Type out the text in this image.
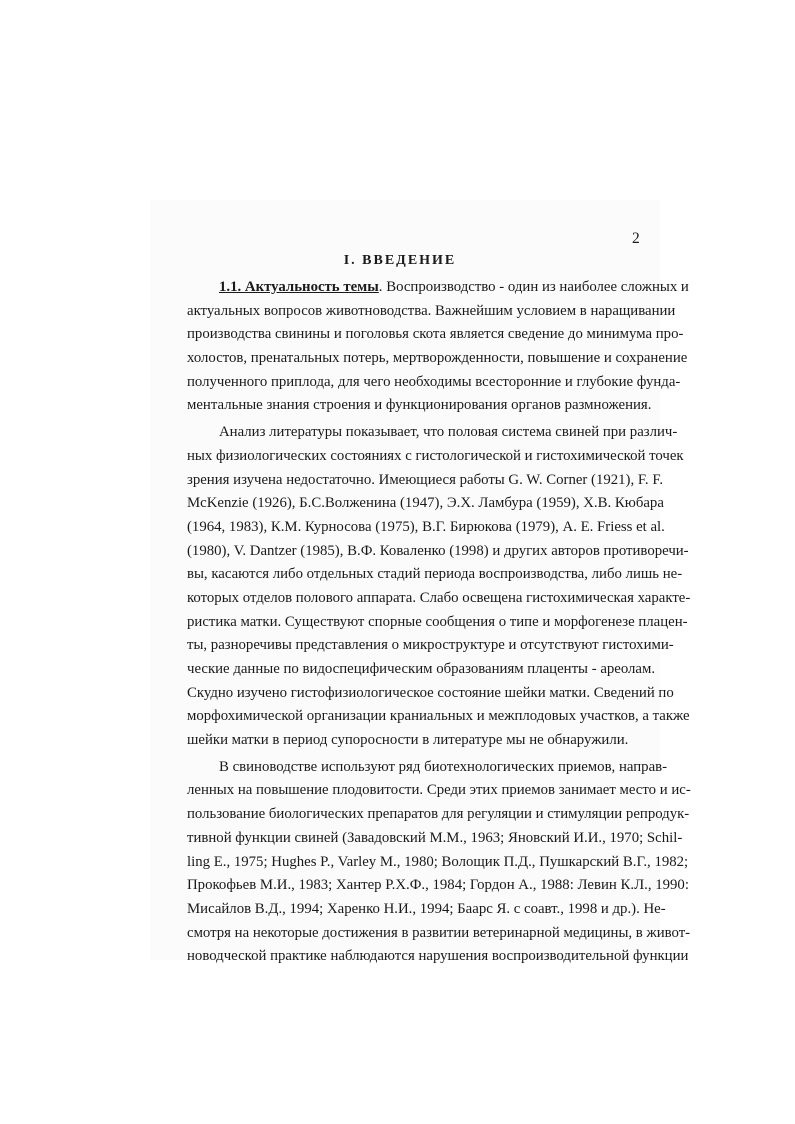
2
I. ВВЕДЕНИЕ
1.1. Актуальность темы. Воспроизводство - один из наиболее сложных и
актуальных вопросов животноводства. Важнейшим условием в наращивании
производства свинины и поголовья скота является сведение до минимума про-
холостов, пренатальных потерь, мертворожденности, повышение и сохранение
полученного приплода, для чего необходимы всесторонние и глубокие фунда-
ментальные знания строения и функционирования органов размножения.
Анализ литературы показывает, что половая система свиней при различ-
ных физиологических состояниях с гистологической и гистохимической точек
зрения изучена недостаточно. Имеющиеся работы G. W. Corner (1921), F. F.
McKenzie (1926), Б.С.Волженина (1947), Э.Х. Ламбура (1959), Х.В. Кюбара
(1964, 1983), К.М. Курносова (1975), В.Г. Бирюкова (1979), A. E. Friess et al.
(1980), V. Dantzer (1985), В.Ф. Коваленко (1998) и других авторов противоречи-
вы, касаются либо отдельных стадий периода воспроизводства, либо лишь не-
которых отделов полового аппарата. Слабо освещена гистохимическая характе-
ристика матки. Существуют спорные сообщения о типе и морфогенезе плацен-
ты, разноречивы представления о микроструктуре и отсутствуют гистохими-
ческие данные по видоспецифическим образованиям плаценты - ареолам.
Скудно изучено гистофизиологическое состояние шейки матки. Сведений по
морфохимической организации краниальных и межплодовых участков, а также
шейки матки в период супоросности в литературе мы не обнаружили.
В свиноводстве используют ряд биотехнологических приемов, направ-
ленных на повышение плодовитости. Среди этих приемов занимает место и ис-
пользование биологических препаратов для регуляции и стимуляции репродук-
тивной функции свиней (Завадовский М.М., 1963; Яновский И.И., 1970; Schil-
ling E., 1975; Hughes P., Varley M., 1980; Волощик П.Д., Пушкарский В.Г., 1982;
Прокофьев М.И., 1983; Хантер Р.Х.Ф., 1984; Гордон А., 1988: Левин К.Л., 1990:
Мисайлов В.Д., 1994; Харенко Н.И., 1994; Баарс Я. с соавт., 1998 и др.). Не-
смотря на некоторые достижения в развитии ветеринарной медицины, в живот-
новодческой практике наблюдаются нарушения воспроизводительной функции
